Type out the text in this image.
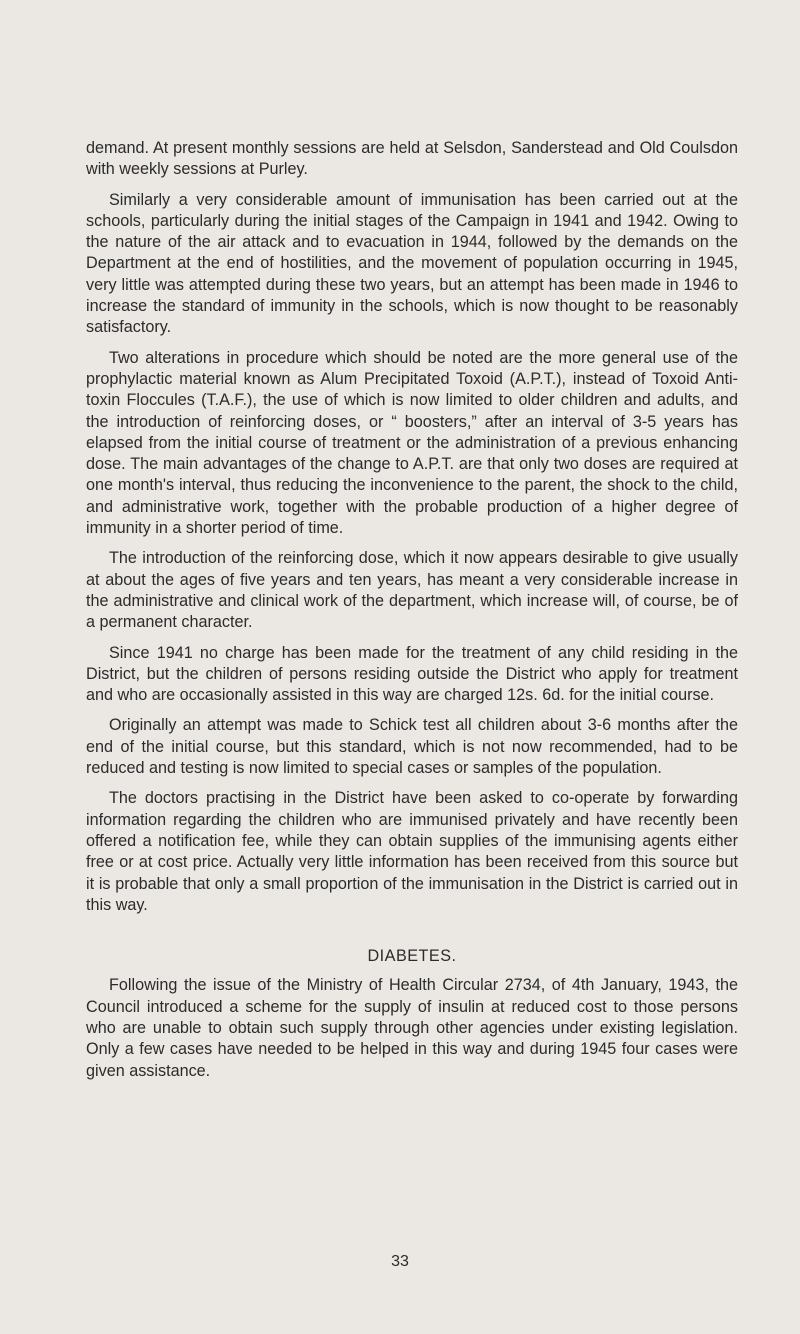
demand. At present monthly sessions are held at Selsdon, Sanderstead and Old Coulsdon with weekly sessions at Purley.

Similarly a very considerable amount of immunisation has been carried out at the schools, particularly during the initial stages of the Campaign in 1941 and 1942. Owing to the nature of the air attack and to evacuation in 1944, followed by the demands on the Department at the end of hostilities, and the movement of population occurring in 1945, very little was attempted during these two years, but an attempt has been made in 1946 to increase the standard of immunity in the schools, which is now thought to be reasonably satisfactory.

Two alterations in procedure which should be noted are the more general use of the prophylactic material known as Alum Precipitated Toxoid (A.P.T.), instead of Toxoid Anti-toxin Floccules (T.A.F.), the use of which is now limited to older children and adults, and the introduction of reinforcing doses, or “ boosters,” after an interval of 3-5 years has elapsed from the initial course of treatment or the administration of a previous enhancing dose. The main advantages of the change to A.P.T. are that only two doses are required at one month's interval, thus reducing the inconvenience to the parent, the shock to the child, and administrative work, together with the probable production of a higher degree of immunity in a shorter period of time.

The introduction of the reinforcing dose, which it now appears desirable to give usually at about the ages of five years and ten years, has meant a very considerable increase in the administrative and clinical work of the department, which increase will, of course, be of a permanent character.

Since 1941 no charge has been made for the treatment of any child residing in the District, but the children of persons residing outside the District who apply for treatment and who are occasionally assisted in this way are charged 12s. 6d. for the initial course.

Originally an attempt was made to Schick test all children about 3-6 months after the end of the initial course, but this standard, which is not now recommended, had to be reduced and testing is now limited to special cases or samples of the population.

The doctors practising in the District have been asked to co-operate by forwarding information regarding the children who are immunised privately and have recently been offered a notification fee, while they can obtain supplies of the immunising agents either free or at cost price. Actually very little information has been received from this source but it is probable that only a small proportion of the immunisation in the District is carried out in this way.

DIABETES.

Following the issue of the Ministry of Health Circular 2734, of 4th January, 1943, the Council introduced a scheme for the supply of insulin at reduced cost to those persons who are unable to obtain such supply through other agencies under existing legislation. Only a few cases have needed to be helped in this way and during 1945 four cases were given assistance.

33
